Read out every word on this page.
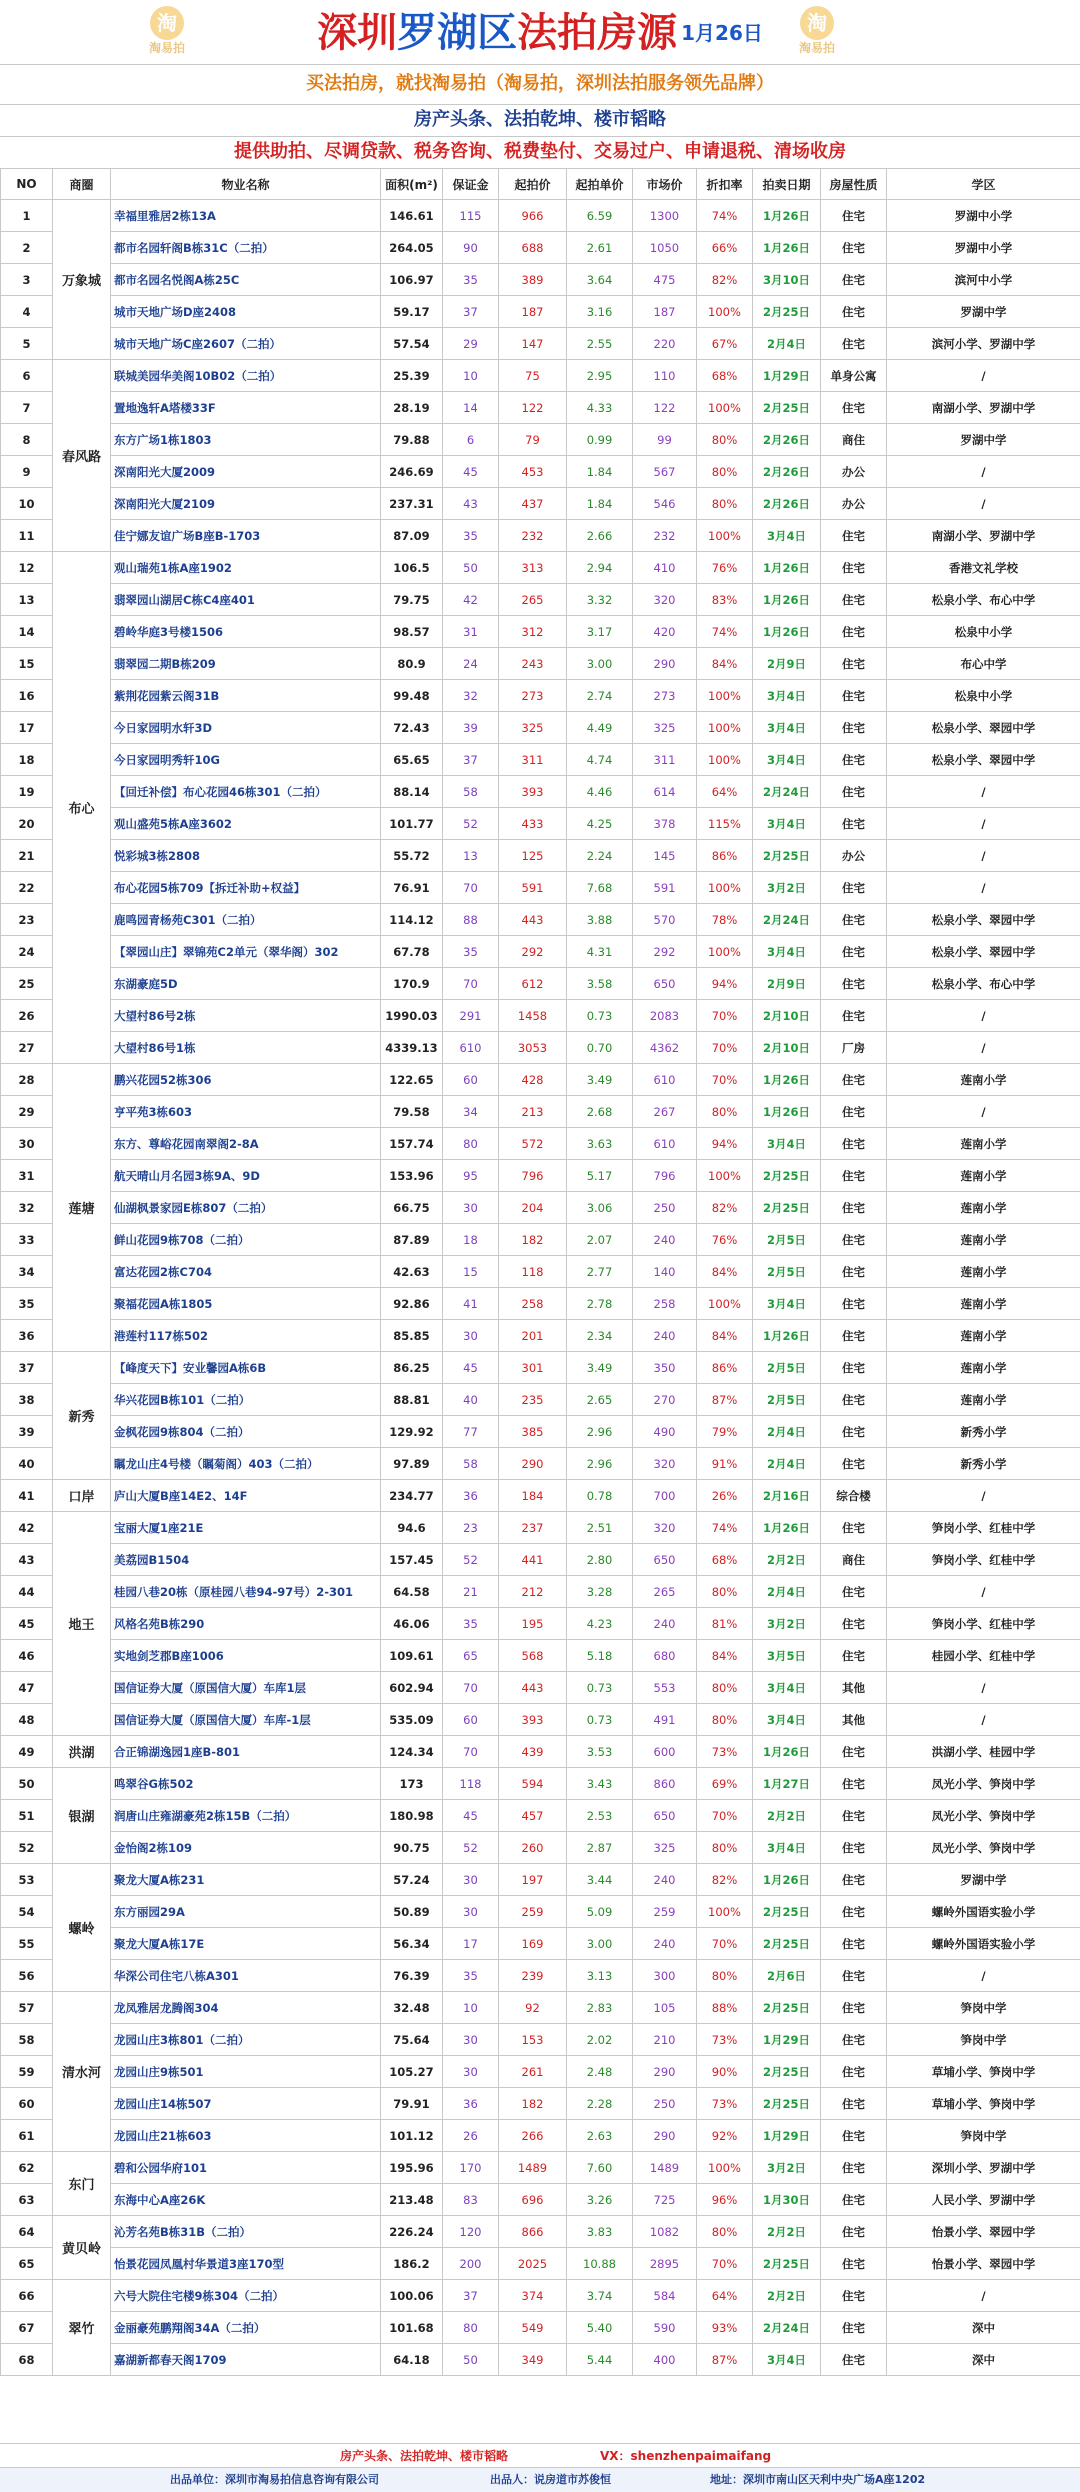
深圳罗湖区法拍房源 1月26日
淘
淘易拍
淘
淘易拍
买法拍房，就找淘易拍（淘易拍，深圳法拍服务领先品牌）
房产头条、法拍乾坤、楼市韬略
提供助拍、尽调贷款、税务咨询、税费垫付、交易过户、申请退税、清场收房
NO	商圈	物业名称	面积(m²)	保证金	起拍价	起拍单价	市场价	折扣率	拍卖日期	房屋性质	学区
1	万象城	幸福里雅居2栋13A	146.61	115	966	6.59	1300	74%	1月26日	住宅	罗湖中小学
2		都市名园轩阁B栋31C（二拍）	264.05	90	688	2.61	1050	66%	1月26日	住宅	罗湖中小学
3		都市名园名悦阁A栋25C	106.97	35	389	3.64	475	82%	3月10日	住宅	滨河中小学
4		城市天地广场D座2408	59.17	37	187	3.16	187	100%	2月25日	住宅	罗湖中学
5		城市天地广场C座2607（二拍）	57.54	29	147	2.55	220	67%	2月4日	住宅	滨河小学、罗湖中学
6	春风路	联城美园华美阁10B02（二拍）	25.39	10	75	2.95	110	68%	1月29日	单身公寓	/
7		置地逸轩A塔楼33F	28.19	14	122	4.33	122	100%	2月25日	住宅	南湖小学、罗湖中学
8		东方广场1栋1803	79.88	6	79	0.99	99	80%	2月26日	商住	罗湖中学
9		深南阳光大厦2009	246.69	45	453	1.84	567	80%	2月26日	办公	/
10		深南阳光大厦2109	237.31	43	437	1.84	546	80%	2月26日	办公	/
11		佳宁娜友谊广场B座B-1703	87.09	35	232	2.66	232	100%	3月4日	住宅	南湖小学、罗湖中学
12	布心	观山瑞苑1栋A座1902	106.5	50	313	2.94	410	76%	1月26日	住宅	香港文礼学校
13		翡翠园山湖居C栋C4座401	79.75	42	265	3.32	320	83%	1月26日	住宅	松泉小学、布心中学
14		碧岭华庭3号楼1506	98.57	31	312	3.17	420	74%	1月26日	住宅	松泉中小学
15		翡翠园二期B栋209	80.9	24	243	3.00	290	84%	2月9日	住宅	布心中学
16		紫荆花园紫云阁31B	99.48	32	273	2.74	273	100%	3月4日	住宅	松泉中小学
17		今日家园明水轩3D	72.43	39	325	4.49	325	100%	3月4日	住宅	松泉小学、翠园中学
18		今日家园明秀轩10G	65.65	37	311	4.74	311	100%	3月4日	住宅	松泉小学、翠园中学
19		【回迁补偿】布心花园46栋301（二拍）	88.14	58	393	4.46	614	64%	2月24日	住宅	/
20		观山盛苑5栋A座3602	101.77	52	433	4.25	378	115%	3月4日	住宅	/
21		悦彩城3栋2808	55.72	13	125	2.24	145	86%	2月25日	办公	/
22		布心花园5栋709【拆迁补助+权益】	76.91	70	591	7.68	591	100%	3月2日	住宅	/
23		鹿鸣园青杨苑C301（二拍）	114.12	88	443	3.88	570	78%	2月24日	住宅	松泉小学、翠园中学
24		【翠园山庄】翠锦苑C2单元（翠华阁）302	67.78	35	292	4.31	292	100%	3月4日	住宅	松泉小学、翠园中学
25		东湖豪庭5D	170.9	70	612	3.58	650	94%	2月9日	住宅	松泉小学、布心中学
26		大望村86号2栋	1990.03	291	1458	0.73	2083	70%	2月10日	住宅	/
27		大望村86号1栋	4339.13	610	3053	0.70	4362	70%	2月10日	厂房	/
28	莲塘	鹏兴花园52栋306	122.65	60	428	3.49	610	70%	1月26日	住宅	莲南小学
29		亨平苑3栋603	79.58	34	213	2.68	267	80%	1月26日	住宅	/
30		东方、尊峪花园南翠阁2-8A	157.74	80	572	3.63	610	94%	3月4日	住宅	莲南小学
31		航天晴山月名园3栋9A、9D	153.96	95	796	5.17	796	100%	2月25日	住宅	莲南小学
32		仙湖枫景家园E栋807（二拍）	66.75	30	204	3.06	250	82%	2月25日	住宅	莲南小学
33		鲜山花园9栋708（二拍）	87.89	18	182	2.07	240	76%	2月5日	住宅	莲南小学
34		富达花园2栋C704	42.63	15	118	2.77	140	84%	2月5日	住宅	莲南小学
35		聚福花园A栋1805	92.86	41	258	2.78	258	100%	3月4日	住宅	莲南小学
36		港莲村117栋502	85.85	30	201	2.34	240	84%	1月26日	住宅	莲南小学
37	新秀	【峰度天下】安业馨园A栋6B	86.25	45	301	3.49	350	86%	2月5日	住宅	莲南小学
38		华兴花园B栋101（二拍）	88.81	40	235	2.65	270	87%	2月5日	住宅	莲南小学
39		金枫花园9栋804（二拍）	129.92	77	385	2.96	490	79%	2月4日	住宅	新秀小学
40		瞩龙山庄4号楼（瞩菊阁）403（二拍）	97.89	58	290	2.96	320	91%	2月4日	住宅	新秀小学
41	口岸	庐山大厦B座14E2、14F	234.77	36	184	0.78	700	26%	2月16日	综合楼	/
42	地王	宝丽大厦1座21E	94.6	23	237	2.51	320	74%	1月26日	住宅	笋岗小学、红桂中学
43		美荔园B1504	157.45	52	441	2.80	650	68%	2月2日	商住	笋岗小学、红桂中学
44		桂园八巷20栋（原桂园八巷94-97号）2-301	64.58	21	212	3.28	265	80%	2月4日	住宅	/
45		风格名苑B栋290	46.06	35	195	4.23	240	81%	3月2日	住宅	笋岗小学、红桂中学
46		实地剑芝郡B座1006	109.61	65	568	5.18	680	84%	3月5日	住宅	桂园小学、红桂中学
47		国信证券大厦（原国信大厦）车库1层	602.94	70	443	0.73	553	80%	3月4日	其他	/
48		国信证券大厦（原国信大厦）车库-1层	535.09	60	393	0.73	491	80%	3月4日	其他	/
49	洪湖	合正锦湖逸园1座B-801	124.34	70	439	3.53	600	73%	1月26日	住宅	洪湖小学、桂园中学
50	银湖	鸣翠谷G栋502	173	118	594	3.43	860	69%	1月27日	住宅	凤光小学、笋岗中学
51		润唐山庄雍湖豪苑2栋15B（二拍）	180.98	45	457	2.53	650	70%	2月2日	住宅	凤光小学、笋岗中学
52		金怡阁2栋109	90.75	52	260	2.87	325	80%	3月4日	住宅	凤光小学、笋岗中学
53	螺岭	聚龙大厦A栋231	57.24	30	197	3.44	240	82%	1月26日	住宅	罗湖中学
54		东方丽园29A	50.89	30	259	5.09	259	100%	2月25日	住宅	螺岭外国语实验小学
55		聚龙大厦A栋17E	56.34	17	169	3.00	240	70%	2月25日	住宅	螺岭外国语实验小学
56		华深公司住宅八栋A301	76.39	35	239	3.13	300	80%	2月6日	住宅	/
57	清水河	龙凤雅居龙腾阁304	32.48	10	92	2.83	105	88%	2月25日	住宅	笋岗中学
58		龙园山庄3栋801（二拍）	75.64	30	153	2.02	210	73%	1月29日	住宅	笋岗中学
59		龙园山庄9栋501	105.27	30	261	2.48	290	90%	2月25日	住宅	草埔小学、笋岗中学
60		龙园山庄14栋507	79.91	36	182	2.28	250	73%	2月25日	住宅	草埔小学、笋岗中学
61		龙园山庄21栋603	101.12	26	266	2.63	290	92%	1月29日	住宅	笋岗中学
62	东门	碧和公园华府101	195.96	170	1489	7.60	1489	100%	3月2日	住宅	深圳小学、罗湖中学
63		东海中心A座26K	213.48	83	696	3.26	725	96%	1月30日	住宅	人民小学、罗湖中学
64	黄贝岭	沁芳名苑B栋31B（二拍）	226.24	120	866	3.83	1082	80%	2月2日	住宅	怡景小学、翠园中学
65		怡景花园凤凰村华景道3座170型	186.2	200	2025	10.88	2895	70%	2月25日	住宅	怡景小学、翠园中学
66	翠竹	六号大院住宅楼9栋304（二拍）	100.06	37	374	3.74	584	64%	2月2日	住宅	/
67		金丽豪苑鹏翔阁34A（二拍）	101.68	80	549	5.40	590	93%	2月24日	住宅	深中
68		嘉湖新都春天阁1709	64.18	50	349	5.44	400	87%	3月4日	住宅	深中
房产头条、法拍乾坤、楼市韬略	VX：shenzhenpaimaifang
出品单位：深圳市淘易拍信息咨询有限公司	出品人：说房道市苏俊恒	地址：深圳市南山区天利中央广场A座1202
